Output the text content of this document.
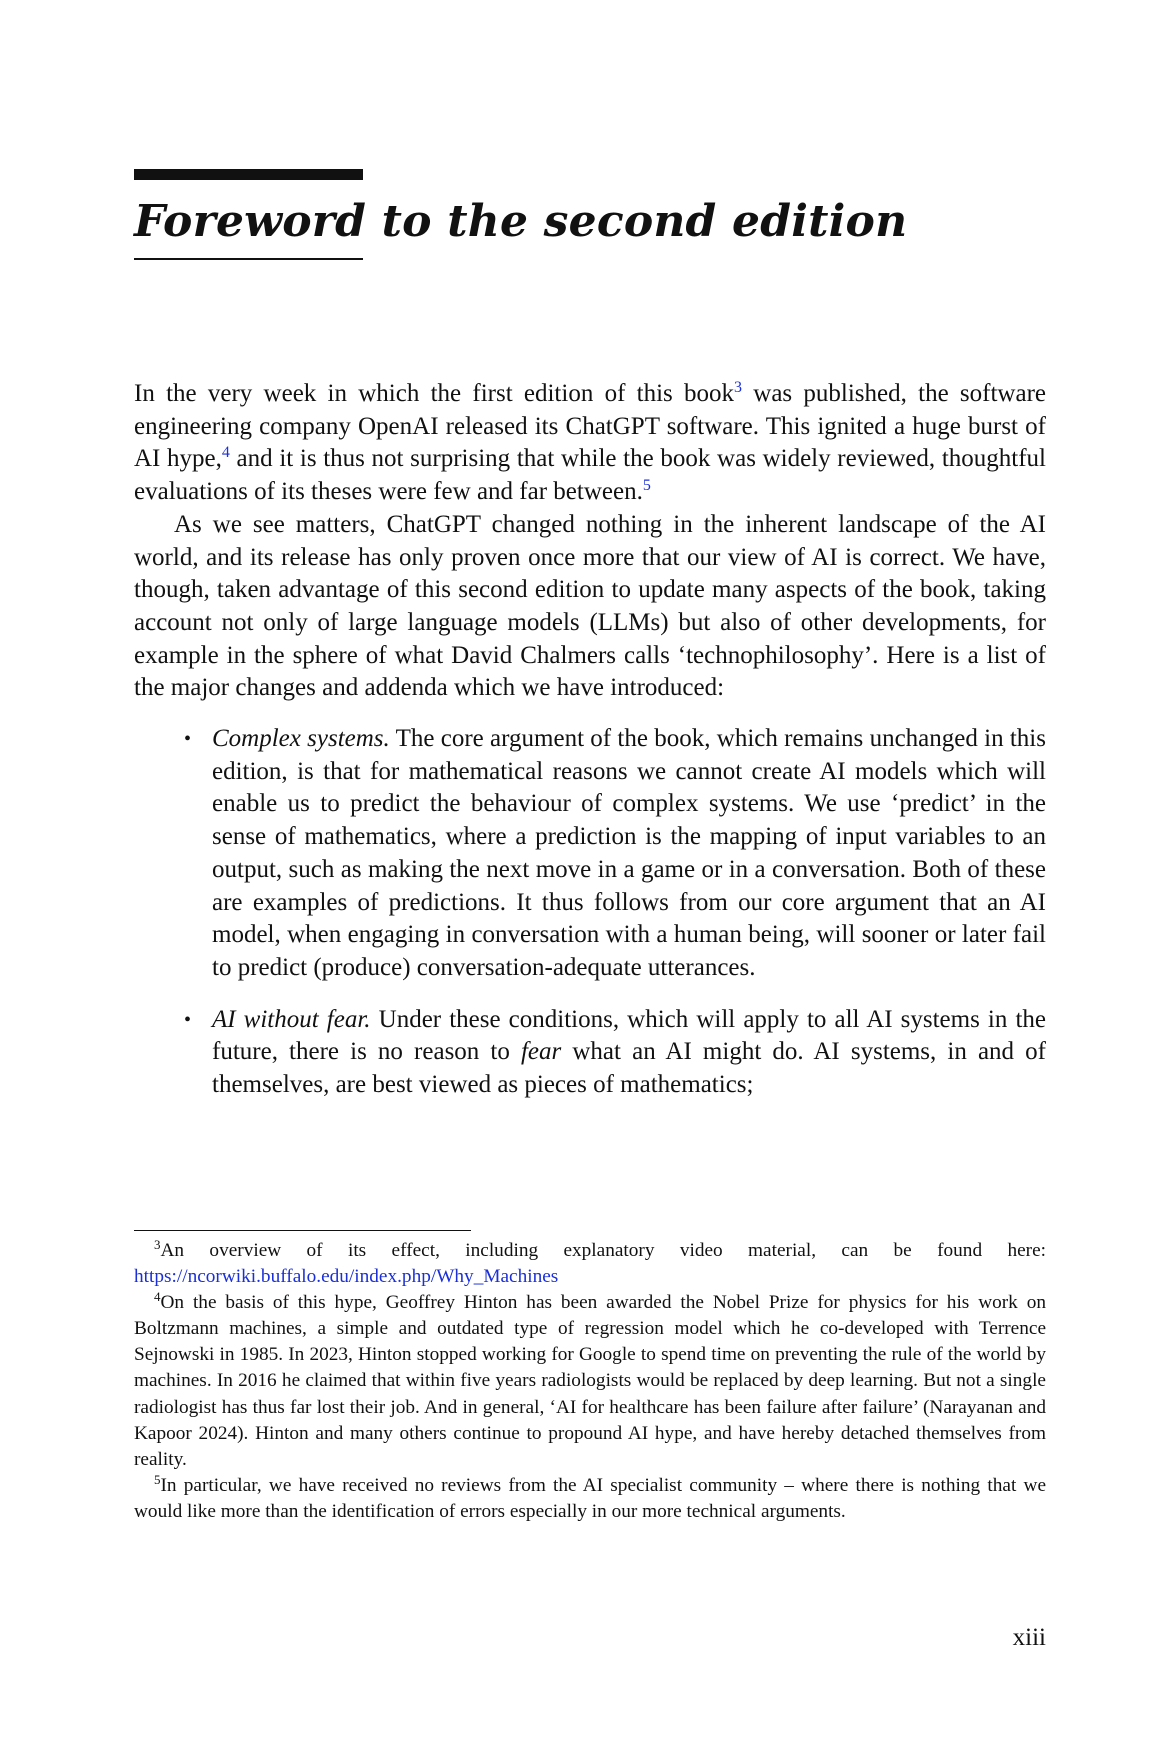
Foreword to the second edition

In the very week in which the first edition of this book$^3$ was published, the software engineering company OpenAI released its ChatGPT software. This ignited a huge burst of AI hype,$^4$ and it is thus not surprising that while the book was widely reviewed, thoughtful evaluations of its theses were few and far between.$^5$

As we see matters, ChatGPT changed nothing in the inherent landscape of the AI world, and its release has only proven once more that our view of AI is correct. We have, though, taken advantage of this second edition to update many aspects of the book, taking account not only of large language models (LLMs) but also of other developments, for example in the sphere of what David Chalmers calls ‘technophilosophy’. Here is a list of the major changes and addenda which we have introduced:

• Complex systems. The core argument of the book, which remains unchanged in this edition, is that for mathematical reasons we cannot create AI models which will enable us to predict the behaviour of complex systems. We use ‘predict’ in the sense of mathematics, where a prediction is the mapping of input variables to an output, such as making the next move in a game or in a conversation. Both of these are examples of predictions. It thus follows from our core argument that an AI model, when engaging in conversation with a human being, will sooner or later fail to predict (produce) conversation-adequate utterances.
• AI without fear. Under these conditions, which will apply to all AI systems in the future, there is no reason to fear what an AI might do. AI systems, in and of themselves, are best viewed as pieces of mathematics;

$^3$An overview of its effect, including explanatory video material, can be found here: https://ncorwiki.buffalo.edu/index.php/Why_Machines

$^4$On the basis of this hype, Geoffrey Hinton has been awarded the Nobel Prize for physics for his work on Boltzmann machines, a simple and outdated type of regression model which he co-developed with Terrence Sejnowski in 1985. In 2023, Hinton stopped working for Google to spend time on preventing the rule of the world by machines. In 2016 he claimed that within five years radiologists would be replaced by deep learning. But not a single radiologist has thus far lost their job. And in general, ‘AI for healthcare has been failure after failure’ (Narayanan and Kapoor 2024). Hinton and many others continue to propound AI hype, and have hereby detached themselves from reality.

$^5$In particular, we have received no reviews from the AI specialist community – where there is nothing that we would like more than the identification of errors especially in our more technical arguments.

xiii
